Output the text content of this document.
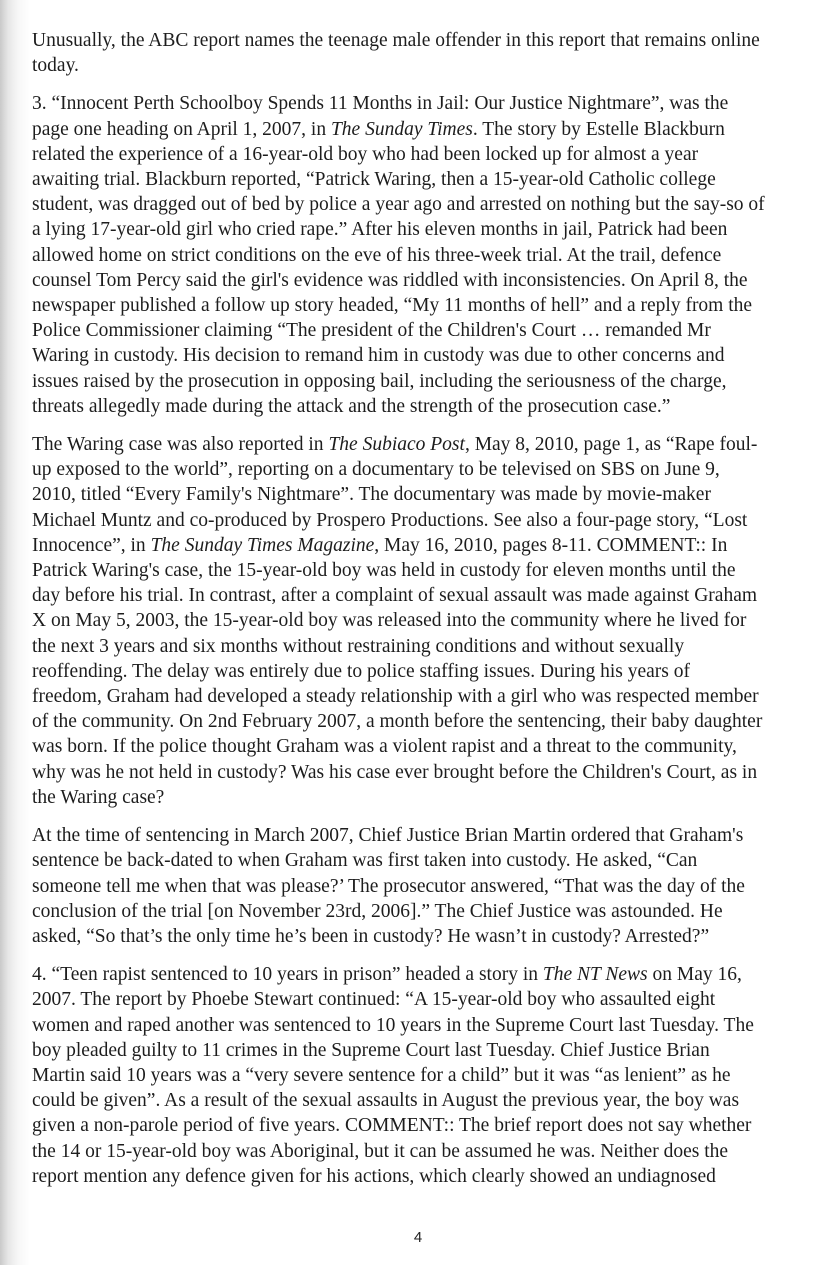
Unusually, the ABC report names the teenage male offender in this report that remains online
today.

3. “Innocent Perth Schoolboy Spends 11 Months in Jail: Our Justice Nightmare”, was the
page one heading on April 1, 2007, in The Sunday Times. The story by Estelle Blackburn
related the experience of a 16-year-old boy who had been locked up for almost a year
awaiting trial. Blackburn reported, “Patrick Waring, then a 15-year-old Catholic college
student, was dragged out of bed by police a year ago and arrested on nothing but the say-so of
a lying 17-year-old girl who cried rape.” After his eleven months in jail, Patrick had been
allowed home on strict conditions on the eve of his three-week trial. At the trail, defence
counsel Tom Percy said the girl's evidence was riddled with inconsistencies. On April 8, the
newspaper published a follow up story headed, “My 11 months of hell” and a reply from the
Police Commissioner claiming “The president of the Children's Court … remanded Mr
Waring in custody. His decision to remand him in custody was due to other concerns and
issues raised by the prosecution in opposing bail, including the seriousness of the charge,
threats allegedly made during the attack and the strength of the prosecution case.”

The Waring case was also reported in The Subiaco Post, May 8, 2010, page 1, as “Rape foul-
up exposed to the world”, reporting on a documentary to be televised on SBS on June 9,
2010, titled “Every Family's Nightmare”. The documentary was made by movie-maker
Michael Muntz and co-produced by Prospero Productions. See also a four-page story, “Lost
Innocence”, in The Sunday Times Magazine, May 16, 2010, pages 8-11. COMMENT:: In
Patrick Waring's case, the 15-year-old boy was held in custody for eleven months until the
day before his trial. In contrast, after a complaint of sexual assault was made against Graham
X on May 5, 2003, the 15-year-old boy was released into the community where he lived for
the next 3 years and six months without restraining conditions and without sexually
reoffending. The delay was entirely due to police staffing issues. During his years of
freedom, Graham had developed a steady relationship with a girl who was respected member
of the community. On 2nd February 2007, a month before the sentencing, their baby daughter
was born. If the police thought Graham was a violent rapist and a threat to the community,
why was he not held in custody? Was his case ever brought before the Children's Court, as in
the Waring case?

At the time of sentencing in March 2007, Chief Justice Brian Martin ordered that Graham's
sentence be back-dated to when Graham was first taken into custody. He asked, “Can
someone tell me when that was please?’ The prosecutor answered, “That was the day of the
conclusion of the trial [on November 23rd, 2006].” The Chief Justice was astounded. He
asked, “So that’s the only time he’s been in custody? He wasn’t in custody? Arrested?”

4. “Teen rapist sentenced to 10 years in prison” headed a story in The NT News on May 16,
2007. The report by Phoebe Stewart continued: “A 15-year-old boy who assaulted eight
women and raped another was sentenced to 10 years in the Supreme Court last Tuesday. The
boy pleaded guilty to 11 crimes in the Supreme Court last Tuesday. Chief Justice Brian
Martin said 10 years was a “very severe sentence for a child” but it was “as lenient” as he
could be given”. As a result of the sexual assaults in August the previous year, the boy was
given a non-parole period of five years. COMMENT:: The brief report does not say whether
the 14 or 15-year-old boy was Aboriginal, but it can be assumed he was. Neither does the
report mention any defence given for his actions, which clearly showed an undiagnosed

4
